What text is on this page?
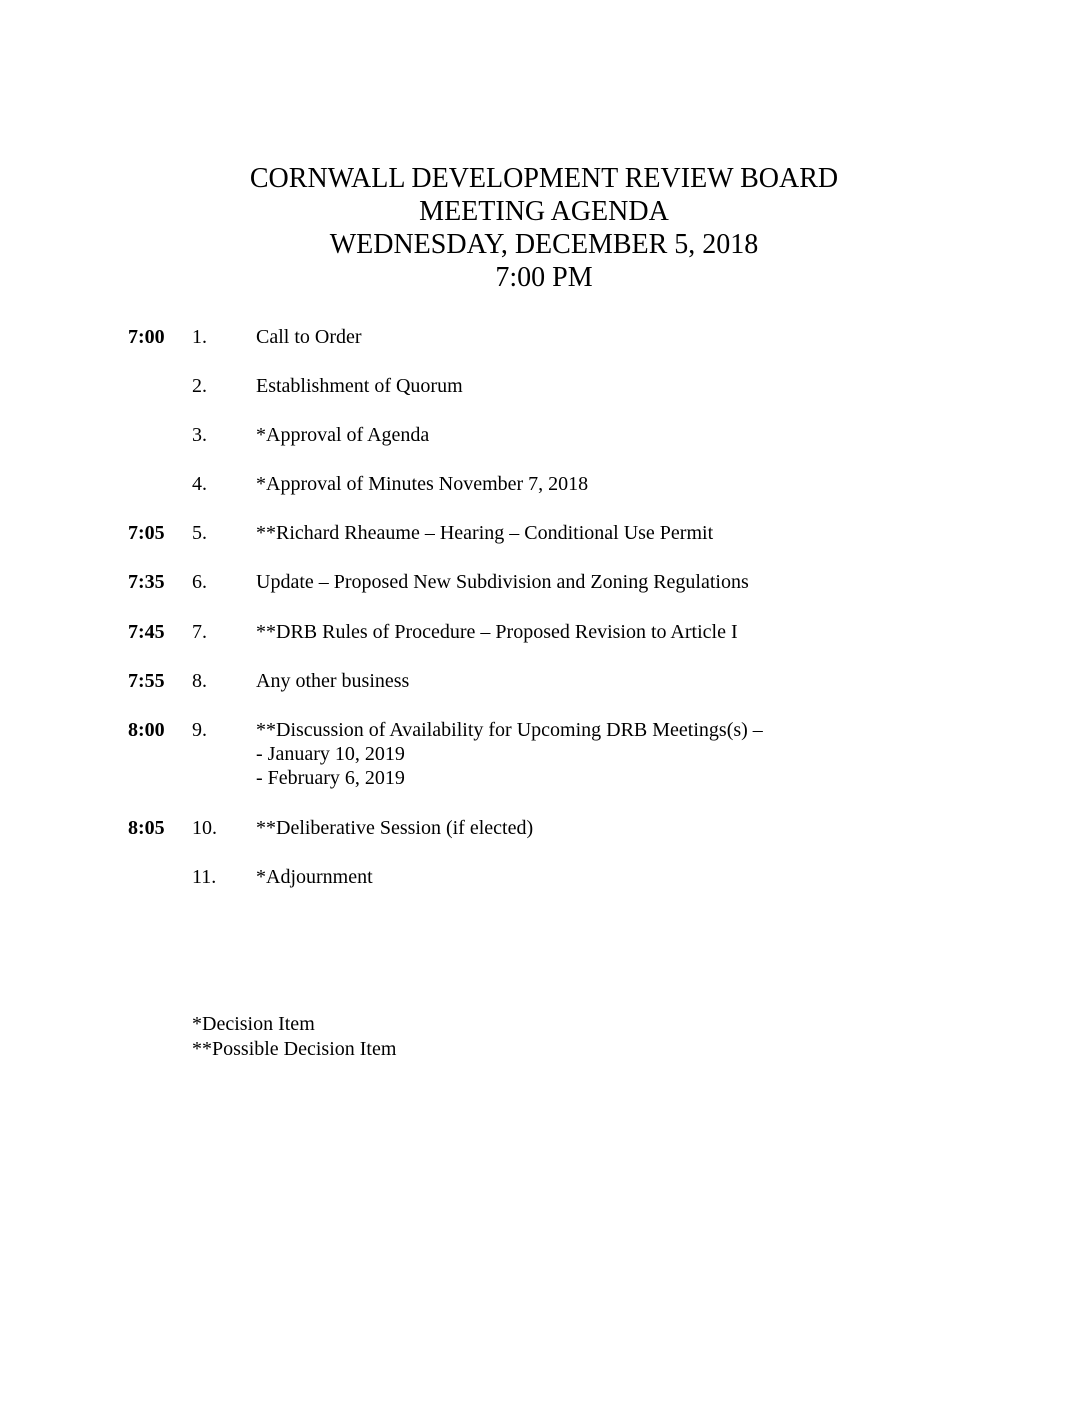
CORNWALL DEVELOPMENT REVIEW BOARD
MEETING AGENDA
WEDNESDAY, DECEMBER 5, 2018
7:00 PM
7:00 1. Call to Order
2. Establishment of Quorum
3. *Approval of Agenda
4. *Approval of Minutes November 7, 2018
7:05 5. **Richard Rheaume – Hearing – Conditional Use Permit
7:35 6. Update – Proposed New Subdivision and Zoning Regulations
7:45 7. **DRB Rules of Procedure – Proposed Revision to Article I
7:55 8. Any other business
8:00 9. **Discussion of Availability for Upcoming DRB Meetings(s) –
- January 10, 2019
- February 6, 2019
8:05 10. **Deliberative Session (if elected)
11. *Adjournment
*Decision Item
**Possible Decision Item
